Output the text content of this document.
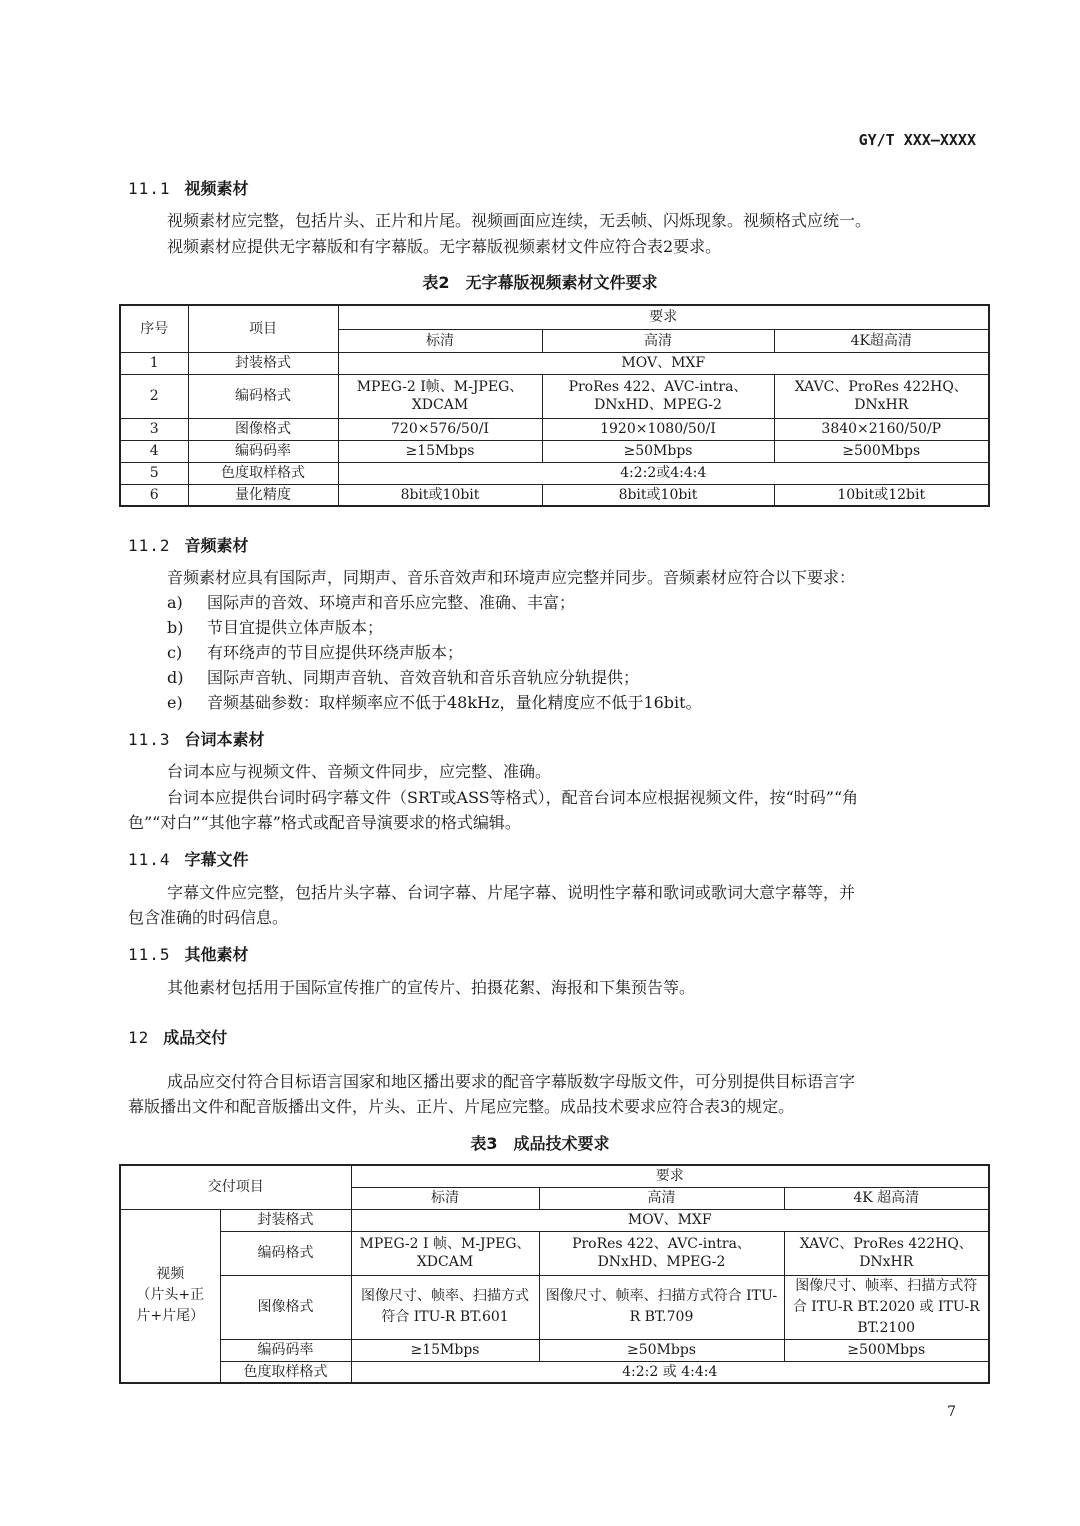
GY/T XXX—XXXX
11.1 视频素材
视频素材应完整，包括片头、正片和片尾。视频画面应连续，无丢帧、闪烁现象。视频格式应统一。
视频素材应提供无字幕版和有字幕版。无字幕版视频素材文件应符合表2要求。
表2　无字幕版视频素材文件要求
序号	项目	要求		
		标清	高清	4K超高清
1	封装格式	MOV、MXF		
2	编码格式	MPEG-2 I帧、M-JPEG、XDCAM	ProRes 422、AVC-intra、DNxHD、MPEG-2	XAVC、ProRes 422HQ、DNxHR
3	图像格式	720×576/50/I	1920×1080/50/I	3840×2160/50/P
4	编码码率	≥15Mbps	≥50Mbps	≥500Mbps
5	色度取样格式	4:2:2或4:4:4		
6	量化精度	8bit或10bit	8bit或10bit	10bit或12bit
11.2 音频素材
音频素材应具有国际声，同期声、音乐音效声和环境声应完整并同步。音频素材应符合以下要求：
a) 国际声的音效、环境声和音乐应完整、准确、丰富；
b) 节目宜提供立体声版本；
c) 有环绕声的节目应提供环绕声版本；
d) 国际声音轨、同期声音轨、音效音轨和音乐音轨应分轨提供；
e) 音频基础参数：取样频率应不低于48kHz，量化精度应不低于16bit。
11.3 台词本素材
台词本应与视频文件、音频文件同步，应完整、准确。
台词本应提供台词时码字幕文件（SRT或ASS等格式），配音台词本应根据视频文件，按“时码”“角
色”“对白”“其他字幕”格式或配音导演要求的格式编辑。
11.4 字幕文件
字幕文件应完整，包括片头字幕、台词字幕、片尾字幕、说明性字幕和歌词或歌词大意字幕等，并
包含准确的时码信息。
11.5 其他素材
其他素材包括用于国际宣传推广的宣传片、拍摄花絮、海报和下集预告等。
12 成品交付
成品应交付符合目标语言国家和地区播出要求的配音字幕版数字母版文件，可分别提供目标语言字
幕版播出文件和配音版播出文件，片头、正片、片尾应完整。成品技术要求应符合表3的规定。
表3　成品技术要求
交付项目		要求		
		标清	高清	4K 超高清

视频
（片头+正
片+片尾）	封装格式	MOV、MXF		
	编码格式	MPEG-2 I 帧、M-JPEG、XDCAM	ProRes 422、AVC-intra、DNxHD、MPEG-2	XAVC、ProRes 422HQ、DNxHR
	图像格式	图像尺寸、帧率、扫描方式符合 ITU-R BT.601	图像尺寸、帧率、扫描方式符合 ITU-R BT.709	图像尺寸、帧率、扫描方式符合 ITU-R BT.2020 或 ITU-R BT.2100
	编码码率	≥15Mbps	≥50Mbps	≥500Mbps
	色度取样格式	4:2:2 或 4:4:4		
7
